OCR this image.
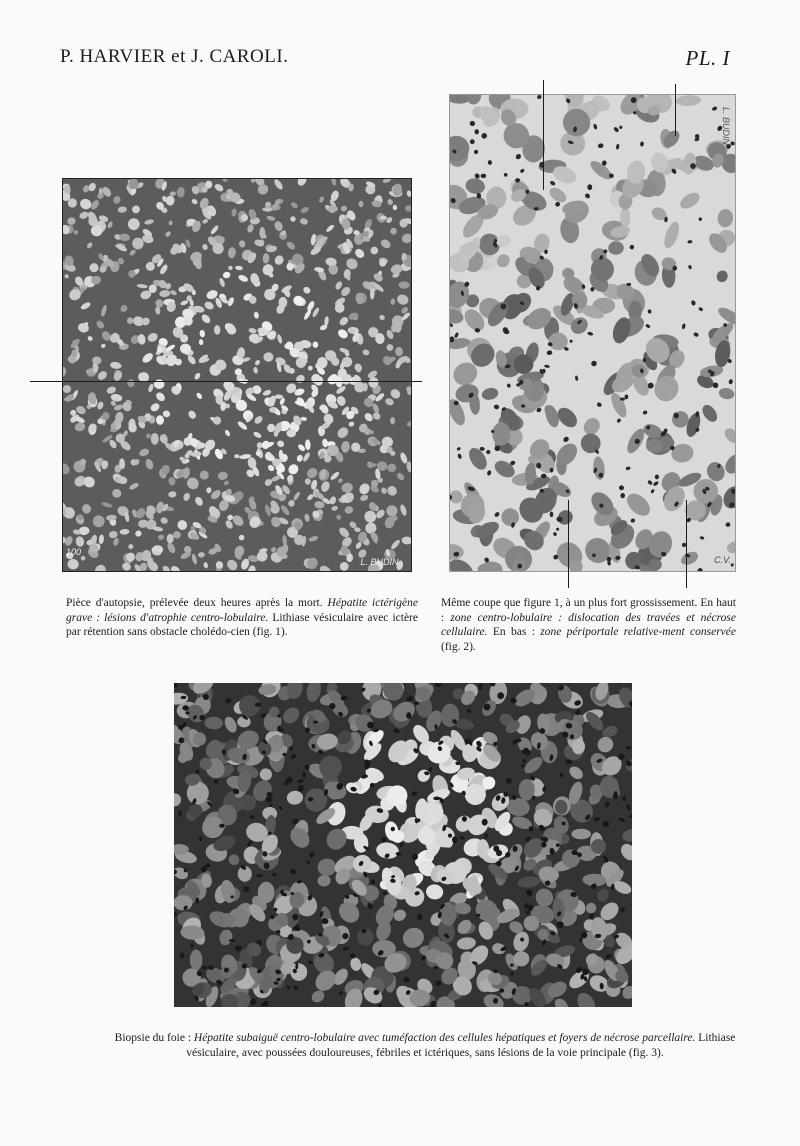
P. HARVIER et J. CAROLI.	PL. I
100
L. BUDIN.
L. BUDIN
C.V.
Pièce d'autopsie, prélevée deux heures après la mort. Hépatite ictérigène grave : lésions d'atrophie centro-lobulaire. Lithiase vésiculaire avec ictère par rétention sans obstacle cholédo-cien (fig. 1).
Même coupe que figure 1, à un plus fort grossissement. En haut : zone centro-lobulaire : dislocation des travées et nécrose cellulaire. En bas : zone périportale relative-ment conservée (fig. 2).
Biopsie du foie : Hépatite subaiguë centro-lobulaire avec tuméfaction des cellules hépatiques et foyers de nécrose parcellaire. Lithiase vésiculaire, avec poussées douloureuses, fébriles et ictériques, sans lésions de la voie principale (fig. 3).
